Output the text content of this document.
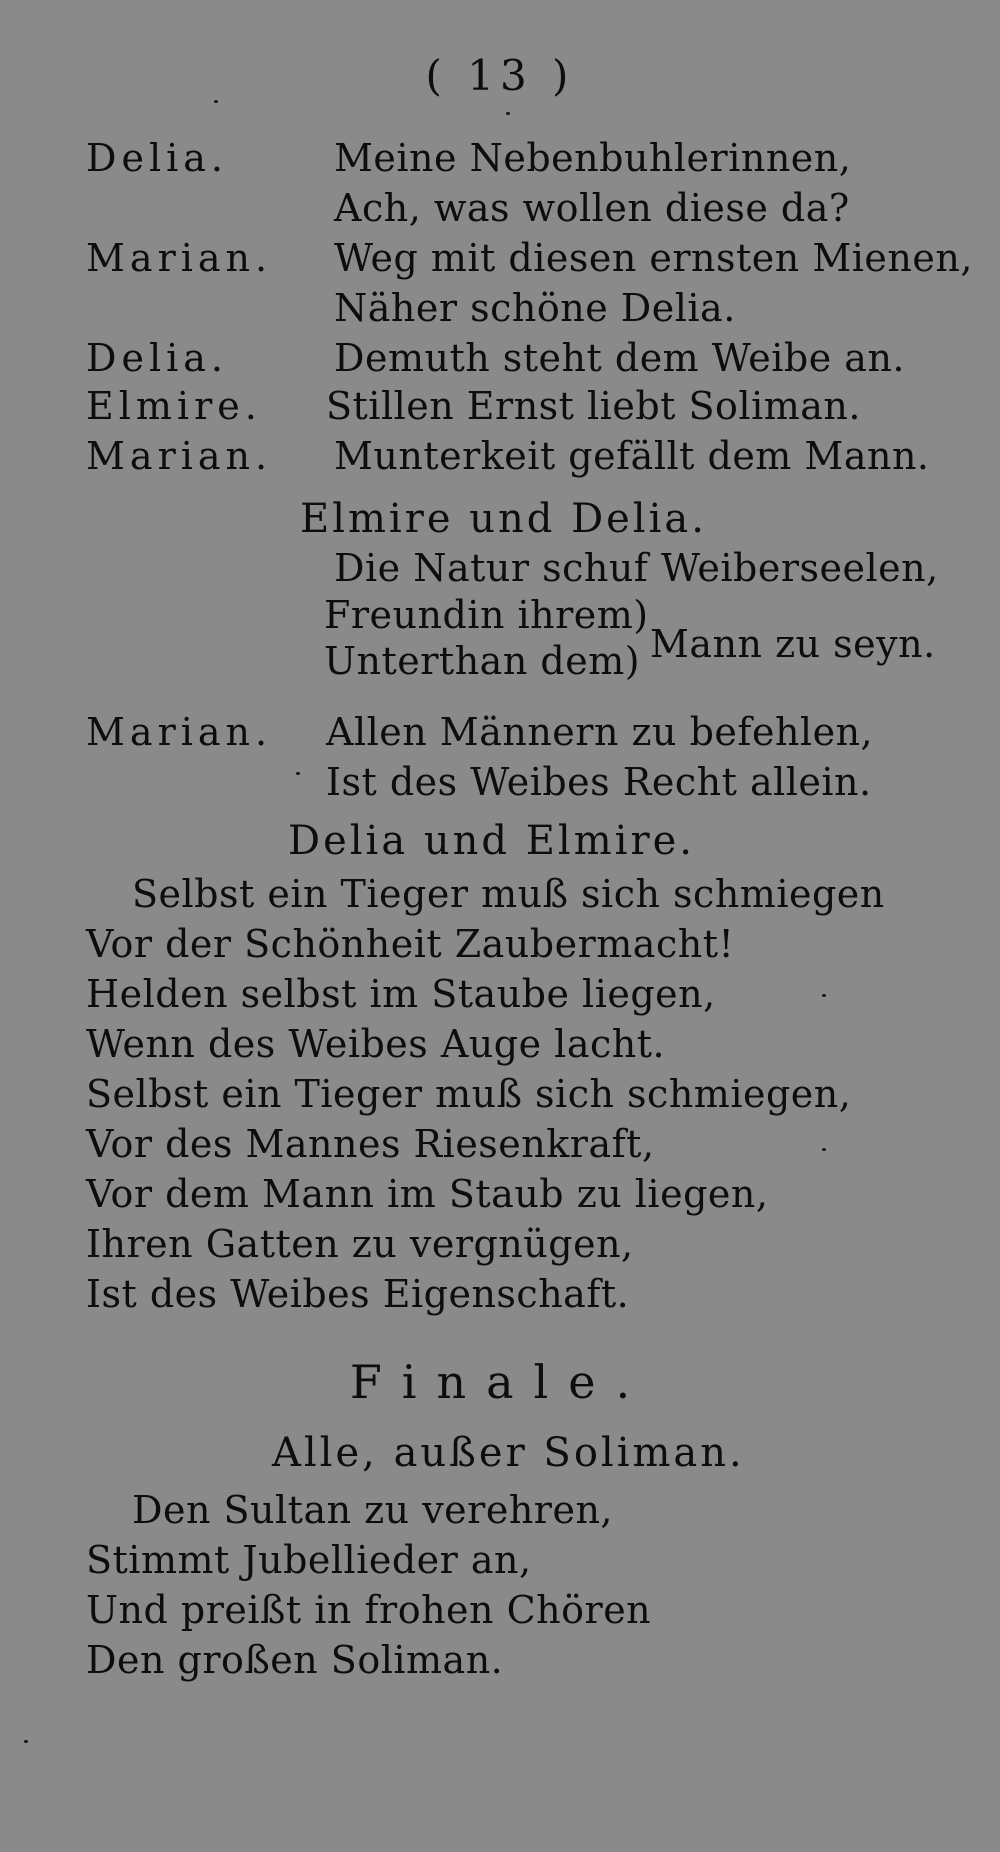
( 13 )
Delia.	Meine Nebenbuhlerinnen,
Ach, was wollen diese da?
Marian. Weg mit diesen ernsten Mienen,
Näher schöne Delia.
Delia.	Demuth steht dem Weibe an.
Elmire. Stillen Ernst liebt Soliman.
Marian. Munterkeit gefällt dem Mann.
Elmire und Delia.
Die Natur schuf Weiberseelen,
Freundin ihrem)
Unterthan dem) Mann zu seyn.
Marian. Allen Männern zu befehlen,
Ist des Weibes Recht allein.
Delia und Elmire.
Selbst ein Tieger muß sich schmiegen
Vor der Schönheit Zaubermacht!
Helden selbst im Staube liegen,
Wenn des Weibes Auge lacht.
Selbst ein Tieger muß sich schmiegen,
Vor des Mannes Riesenkraft,
Vor dem Mann im Staub zu liegen,
Ihren Gatten zu vergnügen,
Ist des Weibes Eigenschaft.
Finale.
Alle, außer Soliman.
Den Sultan zu verehren,
Stimmt Jubellieder an,
Und preißt in frohen Chören
Den großen Soliman.
